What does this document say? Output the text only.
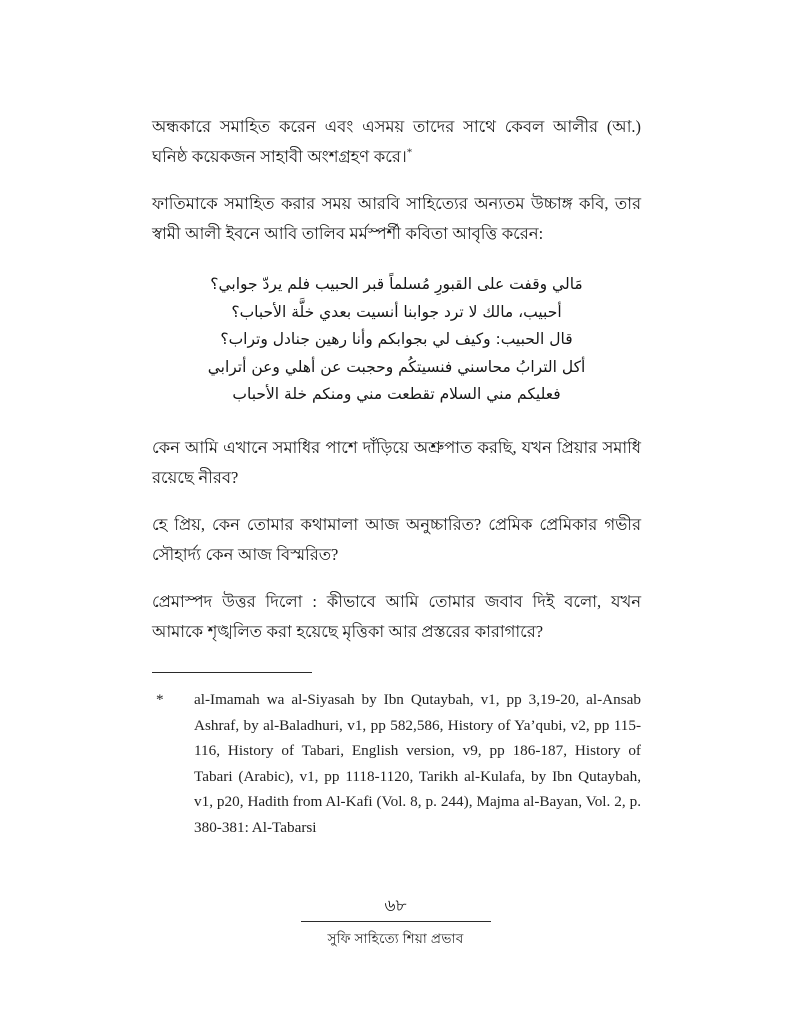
অন্ধকারে সমাহিত করেন এবং এসময় তাদের সাথে কেবল আলীর (আ.) ঘনিষ্ঠ কয়েকজন সাহাবী অংশগ্রহণ করে।*

ফাতিমাকে সমাহিত করার সময় আরবি সাহিত্যের অন্যতম উচ্চাঙ্গ কবি, তার স্বামী আলী ইবনে আবি তালিব মর্মস্পর্শী কবিতা আবৃত্তি করেন:

مَالي وقفت على القبورِ مُسلماً قبر الحبيب فلم يردّ جوابي؟
أحبيب، مالك لا ترد جوابنا أنسيت بعدي خلَّة الأحباب؟
قال الحبيب: وكيف لي بجوابكم وأنا رهين جنادل وتراب؟
أكل الترابُ محاسني فنسيتكُم وحجبت عن أهلي وعن أترابي
فعليكم مني السلام تقطعت مني ومنكم خلة الأحباب

কেন আমি এখানে সমাধির পাশে দাঁড়িয়ে অশ্রুপাত করছি, যখন প্রিয়ার সমাধি রয়েছে নীরব?

হে প্রিয়, কেন তোমার কথামালা আজ অনুচ্চারিত? প্রেমিক প্রেমিকার গভীর সৌহার্দ্য কেন আজ বিস্মরিত?

প্রেমাস্পদ উত্তর দিলো : কীভাবে আমি তোমার জবাব দিই বলো, যখন আমাকে শৃঙ্খলিত করা হয়েছে মৃত্তিকা আর প্রস্তরের কারাগারে?

* al-Imamah wa al-Siyasah by Ibn Qutaybah, v1, pp 3,19-20, al-Ansab Ashraf, by al-Baladhuri, v1, pp 582,586, History of Ya’qubi, v2, pp 115-116, History of Tabari, English version, v9, pp 186-187, History of Tabari (Arabic), v1, pp 1118-1120, Tarikh al-Kulafa, by Ibn Qutaybah, v1, p20, Hadith from Al-Kafi (Vol. 8, p. 244), Majma al-Bayan, Vol. 2, p. 380-381: Al-Tabarsi
৬৮
সুফি সাহিত্যে শিয়া প্রভাব
